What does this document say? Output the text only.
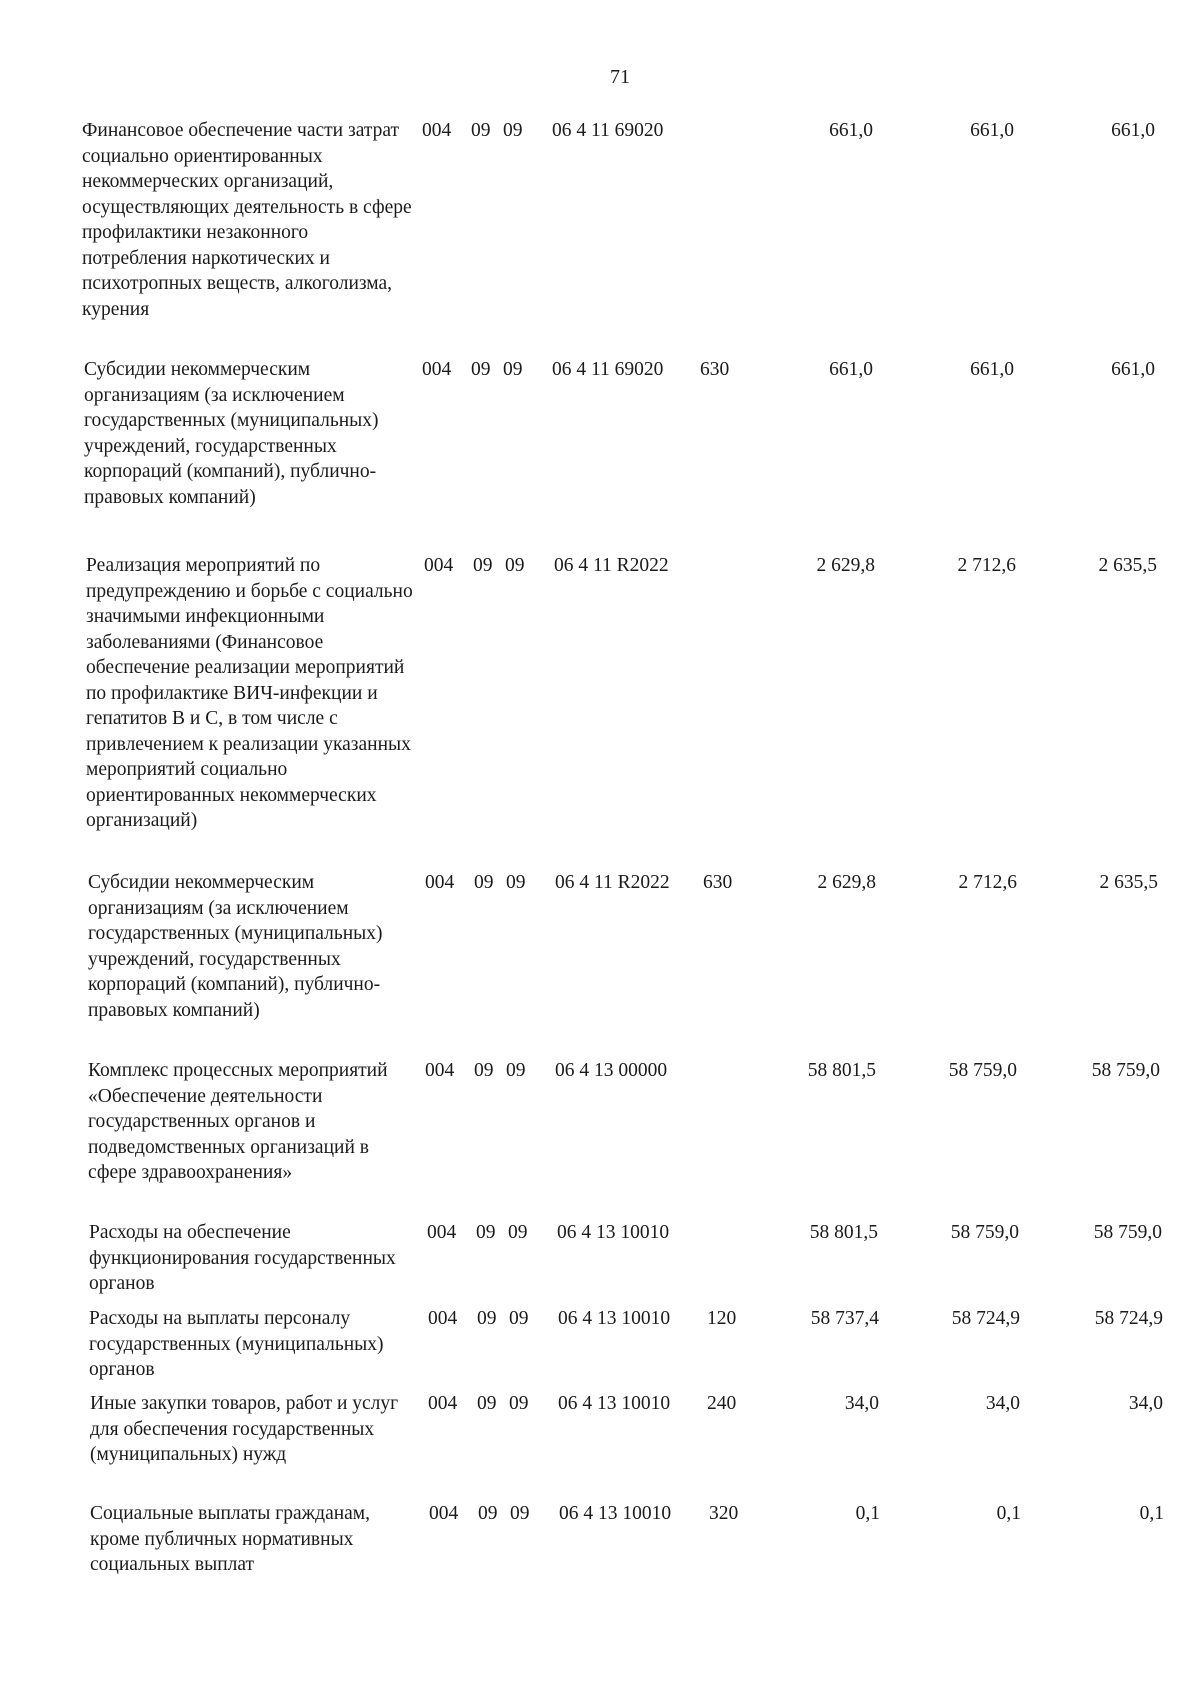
71
Финансовое обеспечение части затрат социально ориентированных некоммерческих организаций, осуществляющих деятельность в сфере профилактики незаконного потребления наркотических и психотропных веществ, алкоголизма, курения
004 09 09 06 4 11 69020	661,0	661,0	661,0
Субсидии некоммерческим организациям (за исключением государственных (муниципальных) учреждений, государственных корпораций (компаний), публично-правовых компаний)
004 09 09 06 4 11 69020 630	661,0	661,0	661,0
Реализация мероприятий по предупреждению и борьбе с социально значимыми инфекционными заболеваниями (Финансовое обеспечение реализации мероприятий по профилактике ВИЧ-инфекции и гепатитов В и С, в том числе с привлечением к реализации указанных мероприятий социально ориентированных некоммерческих организаций)
004 09 09 06 4 11 R2022	2 629,8	2 712,6	2 635,5
Субсидии некоммерческим организациям (за исключением государственных (муниципальных) учреждений, государственных корпораций (компаний), публично-правовых компаний)
004 09 09 06 4 11 R2022 630	2 629,8	2 712,6	2 635,5
Комплекс процессных мероприятий «Обеспечение деятельности государственных органов и подведомственных организаций в сфере здравоохранения»
004 09 09 06 4 13 00000	58 801,5	58 759,0	58 759,0
Расходы на обеспечение функционирования государственных органов
004 09 09 06 4 13 10010	58 801,5	58 759,0	58 759,0
Расходы на выплаты персоналу государственных (муниципальных) органов
004 09 09 06 4 13 10010 120	58 737,4	58 724,9	58 724,9
Иные закупки товаров, работ и услуг для обеспечения государственных (муниципальных) нужд
004 09 09 06 4 13 10010 240	34,0	34,0	34,0
Социальные выплаты гражданам, кроме публичных нормативных социальных выплат
004 09 09 06 4 13 10010 320	0,1	0,1	0,1
